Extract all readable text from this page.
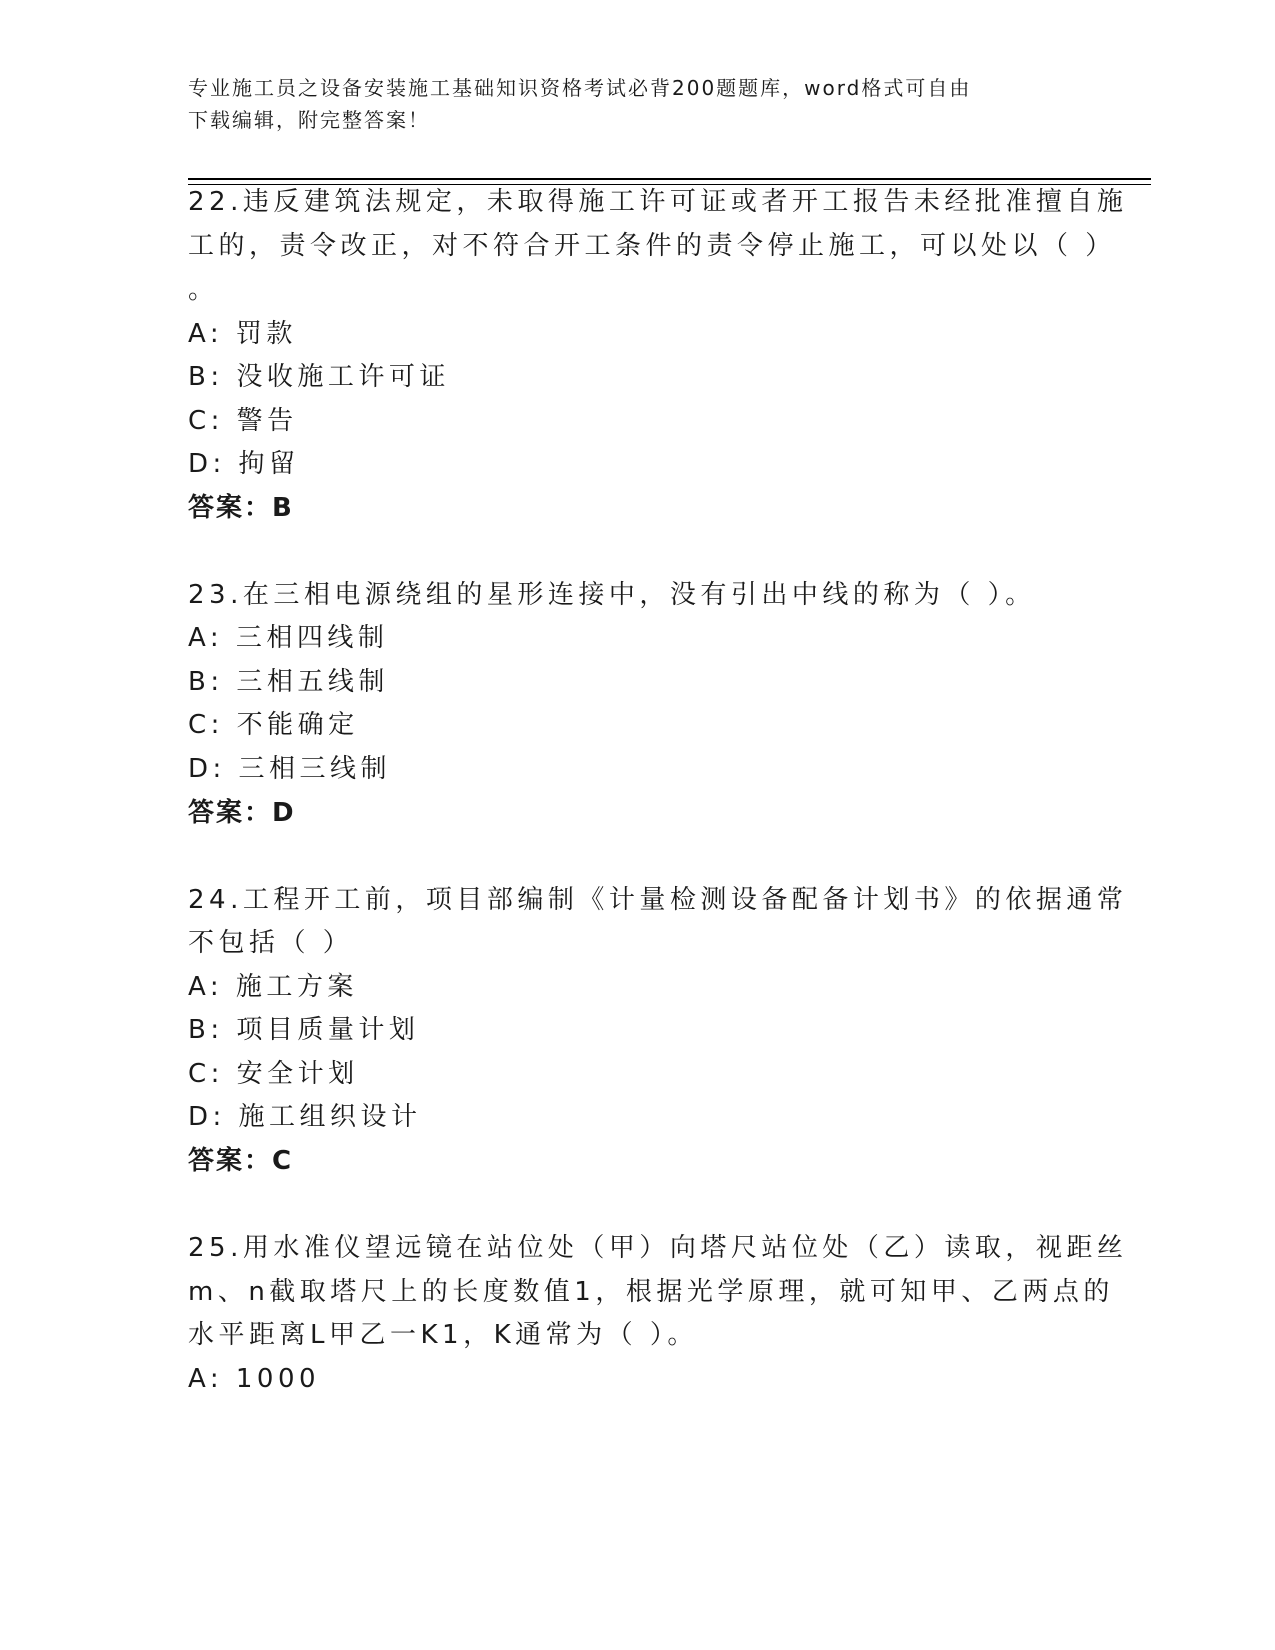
专业施工员之设备安装施工基础知识资格考试必背200题题库，word格式可自由
下载编辑，附完整答案！
22.违反建筑法规定，未取得施工许可证或者开工报告未经批准擅自施
工的，责令改正，对不符合开工条件的责令停止施工，可以处以（ ）
。
A: 罚款
B: 没收施工许可证
C: 警告
D: 拘留
答案：B
23.在三相电源绕组的星形连接中，没有引出中线的称为（ ）。
A: 三相四线制
B: 三相五线制
C: 不能确定
D: 三相三线制
答案：D
24.工程开工前，项目部编制《计量检测设备配备计划书》的依据通常
不包括（ ）
A: 施工方案
B: 项目质量计划
C: 安全计划
D: 施工组织设计
答案：C
25.用水准仪望远镜在站位处（甲）向塔尺站位处（乙）读取，视距丝
m、n截取塔尺上的长度数值1，根据光学原理，就可知甲、乙两点的
水平距离L甲乙一K1，K通常为（ ）。
A: 1000
